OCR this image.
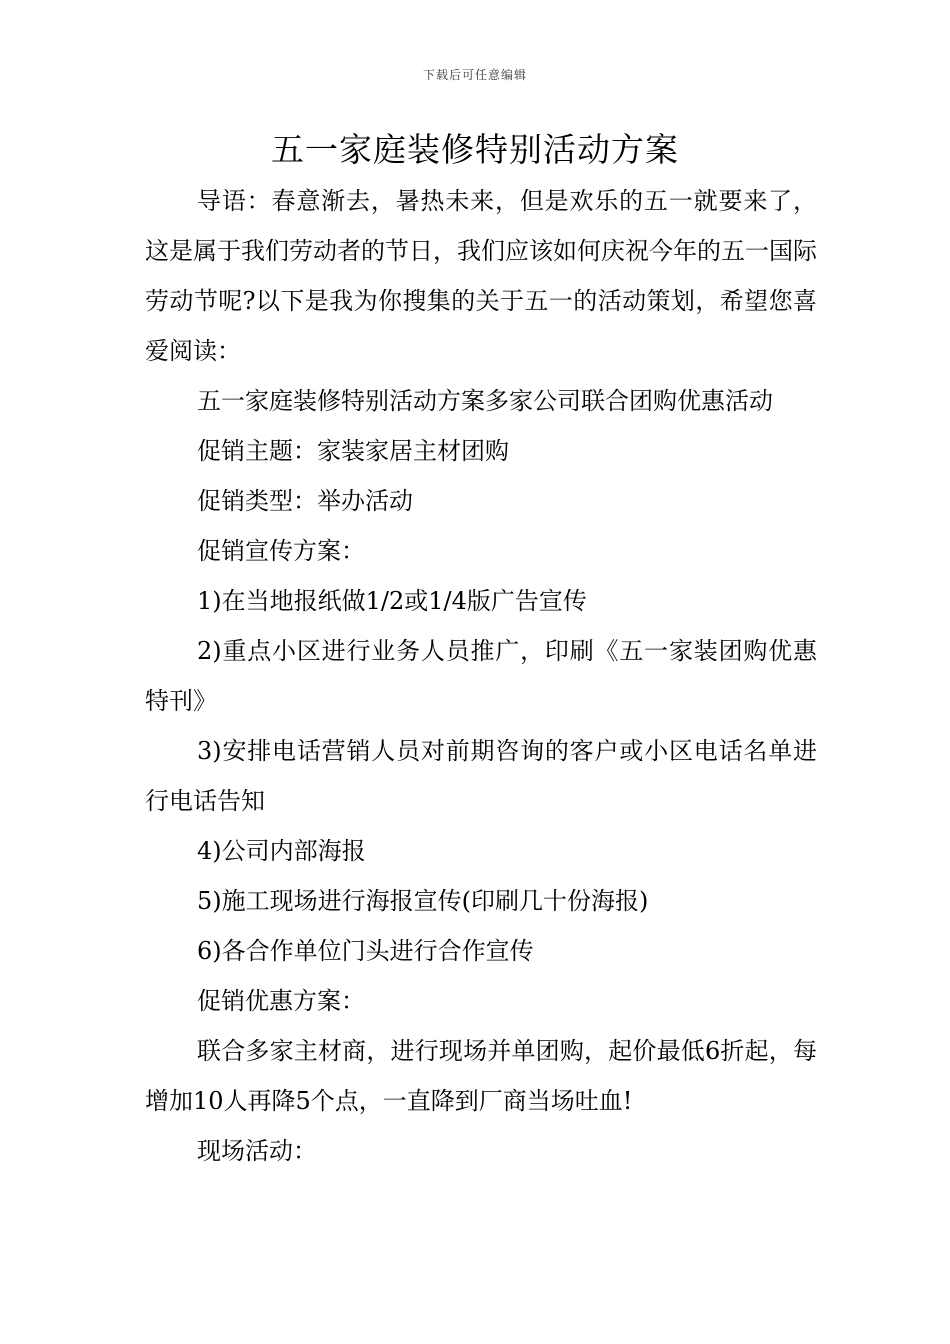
下载后可任意编辑
五一家庭装修特别活动方案

导语：春意渐去，暑热未来，但是欢乐的五一就要来了，这是属于我们劳动者的节日，我们应该如何庆祝今年的五一国际劳动节呢?以下是我为你搜集的关于五一的活动策划，希望您喜爱阅读：

五一家庭装修特别活动方案多家公司联合团购优惠活动

促销主题：家装家居主材团购

促销类型：举办活动

促销宣传方案：

1)在当地报纸做1/2或1/4版广告宣传

2)重点小区进行业务人员推广，印刷《五一家装团购优惠特刊》

3)安排电话营销人员对前期咨询的客户或小区电话名单进行电话告知

4)公司内部海报

5)施工现场进行海报宣传(印刷几十份海报)

6)各合作单位门头进行合作宣传

促销优惠方案：

联合多家主材商，进行现场并单团购，起价最低6折起，每增加10人再降5个点，一直降到厂商当场吐血!

现场活动：
